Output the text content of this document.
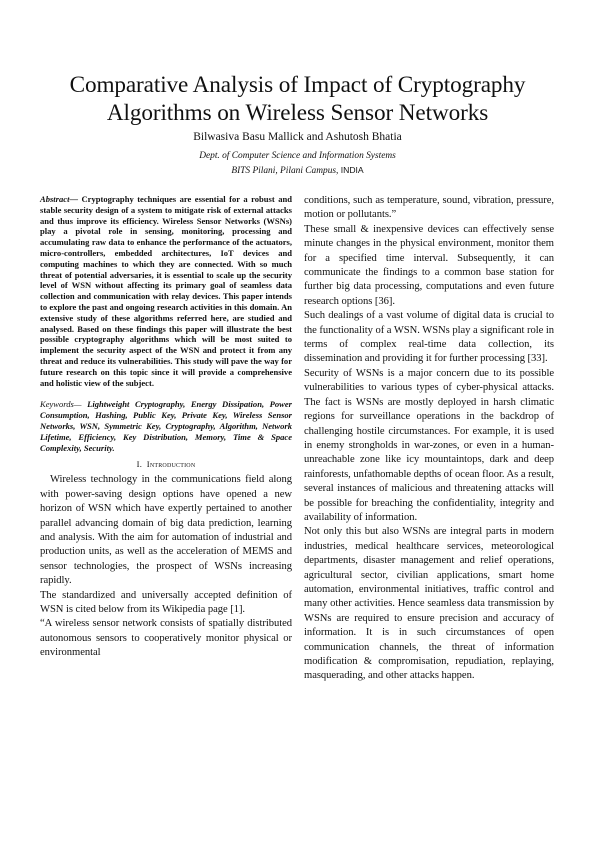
Comparative Analysis of Impact of Cryptography
Algorithms on Wireless Sensor Networks
Bilwasiva Basu Mallick and Ashutosh Bhatia
Dept. of Computer Science and Information Systems
BITS Pilani, Pilani Campus, INDIA

Abstract— Cryptography techniques are essential for a robust and stable security design of a system to mitigate risk of external attacks and thus improve its efficiency. Wireless Sensor Networks (WSNs) play a pivotal role in sensing, monitoring, processing and accumulating raw data to enhance the performance of the actuators, micro-controllers, embedded architectures, IoT devices and computing machines to which they are connected. With so much threat of potential adversaries, it is essential to scale up the security level of WSN without affecting its primary goal of seamless data collection and communication with relay devices. This paper intends to explore the past and ongoing research activities in this domain. An extensive study of these algorithms referred here, are studied and analysed. Based on these findings this paper will illustrate the best possible cryptography algorithms which will be most suited to implement the security aspect of the WSN and protect it from any threat and reduce its vulnerabilities. This study will pave the way for future research on this topic since it will provide a comprehensive and holistic view of the subject.

Keywords— Lightweight Cryptography, Energy Dissipation, Power Consumption, Hashing, Public Key, Private Key, Wireless Sensor Networks, WSN, Symmetric Key, Cryptography, Algorithm, Network Lifetime, Efficiency, Key Distribution, Memory, Time & Space Complexity, Security.

I. Introduction

Wireless technology in the communications field along with power-saving design options have opened a new horizon of WSN which have expertly pertained to another parallel advancing domain of big data prediction, learning and analysis. With the aim for automation of industrial and production units, as well as the acceleration of MEMS and sensor technologies, the prospect of WSNs increasing rapidly.

The standardized and universally accepted definition of WSN is cited below from its Wikipedia page [1].

“A wireless sensor network consists of spatially distributed autonomous sensors to cooperatively monitor physical or environmental

conditions, such as temperature, sound, vibration, pressure, motion or pollutants.”

These small & inexpensive devices can effectively sense minute changes in the physical environment, monitor them for a specified time interval. Subsequently, it can communicate the findings to a common base station for further big data processing, computations and even future research options [36].

Such dealings of a vast volume of digital data is crucial to the functionality of a WSN. WSNs play a significant role in terms of complex real-time data collection, its dissemination and providing it for further processing [33].

Security of WSNs is a major concern due to its possible vulnerabilities to various types of cyber-physical attacks. The fact is WSNs are mostly deployed in harsh climatic regions for surveillance operations in the backdrop of challenging hostile circumstances. For example, it is used in enemy strongholds in war-zones, or even in a human-unreachable zone like icy mountaintops, dark and deep rainforests, unfathomable depths of ocean floor. As a result, several instances of malicious and threatening attacks will be possible for breaching the confidentiality, integrity and availability of information.

Not only this but also WSNs are integral parts in modern industries, medical healthcare services, meteorological departments, disaster management and relief operations, agricultural sector, civilian applications, smart home automation, environmental initiatives, traffic control and many other activities. Hence seamless data transmission by WSNs are required to ensure precision and accuracy of information. It is in such circumstances of open communication channels, the threat of information modification & compromisation, repudiation, replaying, masquerading, and other attacks happen.
